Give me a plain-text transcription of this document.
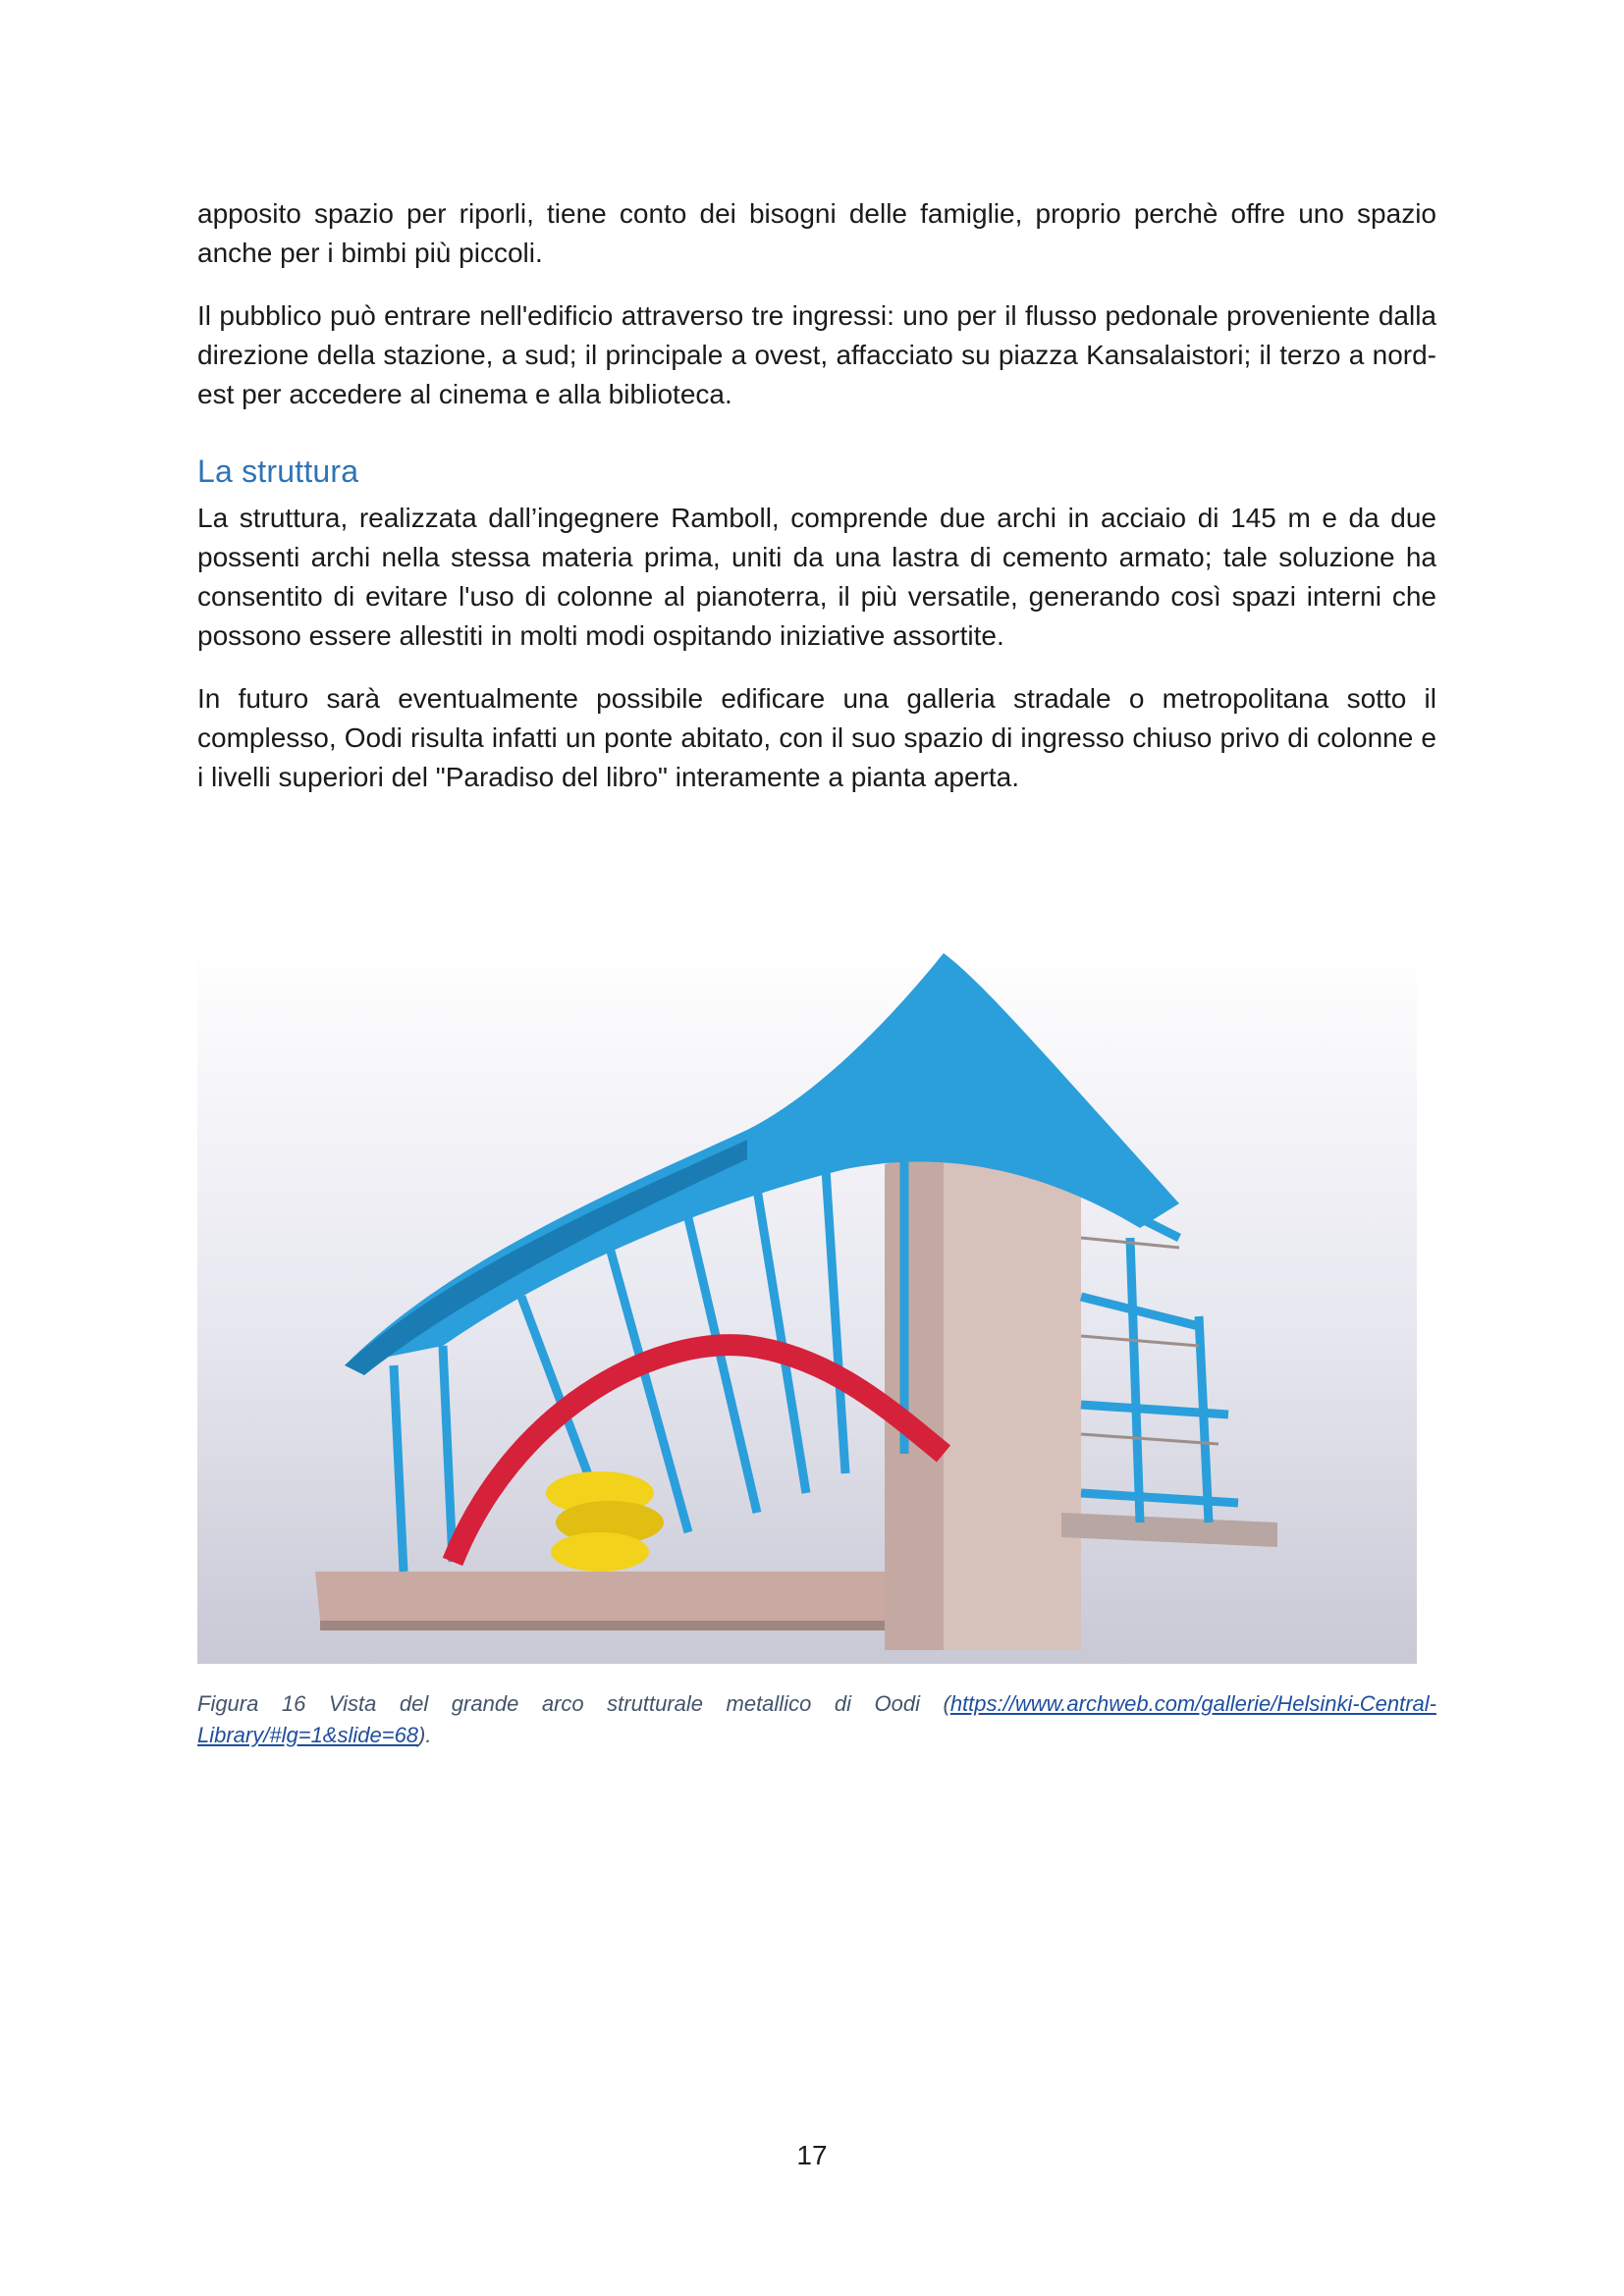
apposito spazio per riporli, tiene conto dei bisogni delle famiglie, proprio perchè offre uno spazio anche per i bimbi più piccoli.

Il pubblico può entrare nell'edificio attraverso tre ingressi: uno per il flusso pedonale proveniente dalla direzione della stazione, a sud; il principale a ovest, affacciato su piazza Kansalaistori; il terzo a nord-est per accedere al cinema e alla biblioteca.

La struttura

La struttura, realizzata dall’ingegnere Ramboll, comprende due archi in acciaio di 145 m e da due possenti archi nella stessa materia prima, uniti da una lastra di cemento armato; tale soluzione ha consentito di evitare l'uso di colonne al pianoterra, il più versatile, generando così spazi interni che possono essere allestiti in molti modi ospitando iniziative assortite.

In futuro sarà eventualmente possibile edificare una galleria stradale o metropolitana sotto il complesso, Oodi risulta infatti un ponte abitato, con il suo spazio di ingresso chiuso privo di colonne e i livelli superiori del "Paradiso del libro" interamente a pianta aperta.

Figura 16 Vista del grande arco strutturale metallico di Oodi (https://www.archweb.com/gallerie/Helsinki-Central-Library/#lg=1&slide=68).

17
